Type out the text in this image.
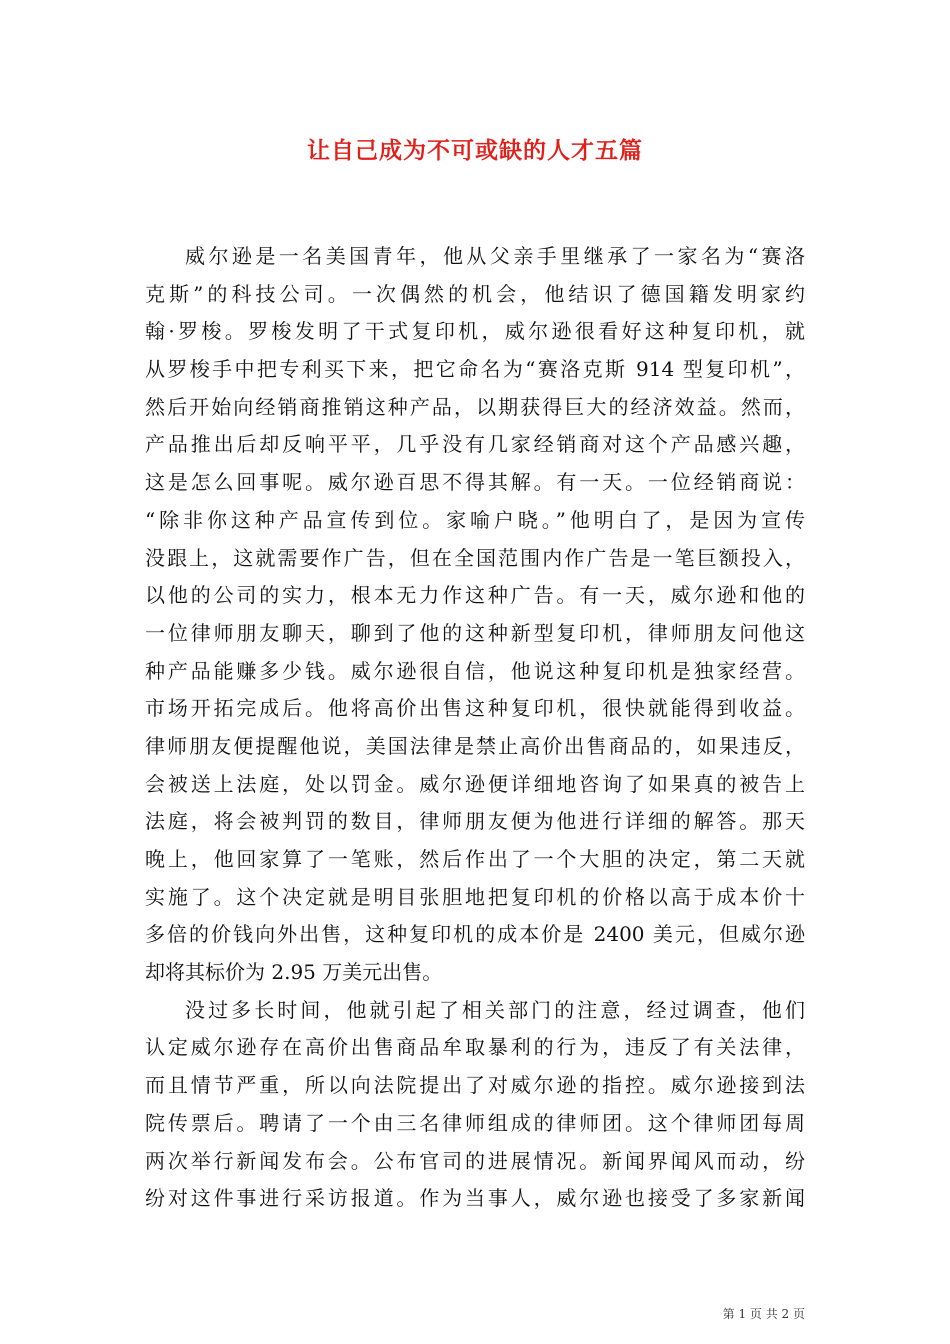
让自己成为不可或缺的人才五篇
威尔逊是一名美国青年，他从父亲手里继承了一家名为“赛洛
克斯”的科技公司。一次偶然的机会，他结识了德国籍发明家约
翰·罗梭。罗梭发明了干式复印机，威尔逊很看好这种复印机，就
从罗梭手中把专利买下来，把它命名为“赛洛克斯 914 型复印机”，
然后开始向经销商推销这种产品，以期获得巨大的经济效益。然而，
产品推出后却反响平平，几乎没有几家经销商对这个产品感兴趣，
这是怎么回事呢。威尔逊百思不得其解。有一天。一位经销商说：
“除非你这种产品宣传到位。家喻户晓。”他明白了，是因为宣传
没跟上，这就需要作广告，但在全国范围内作广告是一笔巨额投入，
以他的公司的实力，根本无力作这种广告。有一天，威尔逊和他的
一位律师朋友聊天，聊到了他的这种新型复印机，律师朋友问他这
种产品能赚多少钱。威尔逊很自信，他说这种复印机是独家经营。
市场开拓完成后。他将高价出售这种复印机，很快就能得到收益。
律师朋友便提醒他说，美国法律是禁止高价出售商品的，如果违反，
会被送上法庭，处以罚金。威尔逊便详细地咨询了如果真的被告上
法庭，将会被判罚的数目，律师朋友便为他进行详细的解答。那天
晚上，他回家算了一笔账，然后作出了一个大胆的决定，第二天就
实施了。这个决定就是明目张胆地把复印机的价格以高于成本价十
多倍的价钱向外出售，这种复印机的成本价是 2400 美元，但威尔逊
却将其标价为 2.95 万美元出售。
没过多长时间，他就引起了相关部门的注意，经过调查，他们
认定威尔逊存在高价出售商品牟取暴利的行为，违反了有关法律，
而且情节严重，所以向法院提出了对威尔逊的指控。威尔逊接到法
院传票后。聘请了一个由三名律师组成的律师团。这个律师团每周
两次举行新闻发布会。公布官司的进展情况。新闻界闻风而动，纷
纷对这件事进行采访报道。作为当事人，威尔逊也接受了多家新闻
第 1 页 共 2 页
